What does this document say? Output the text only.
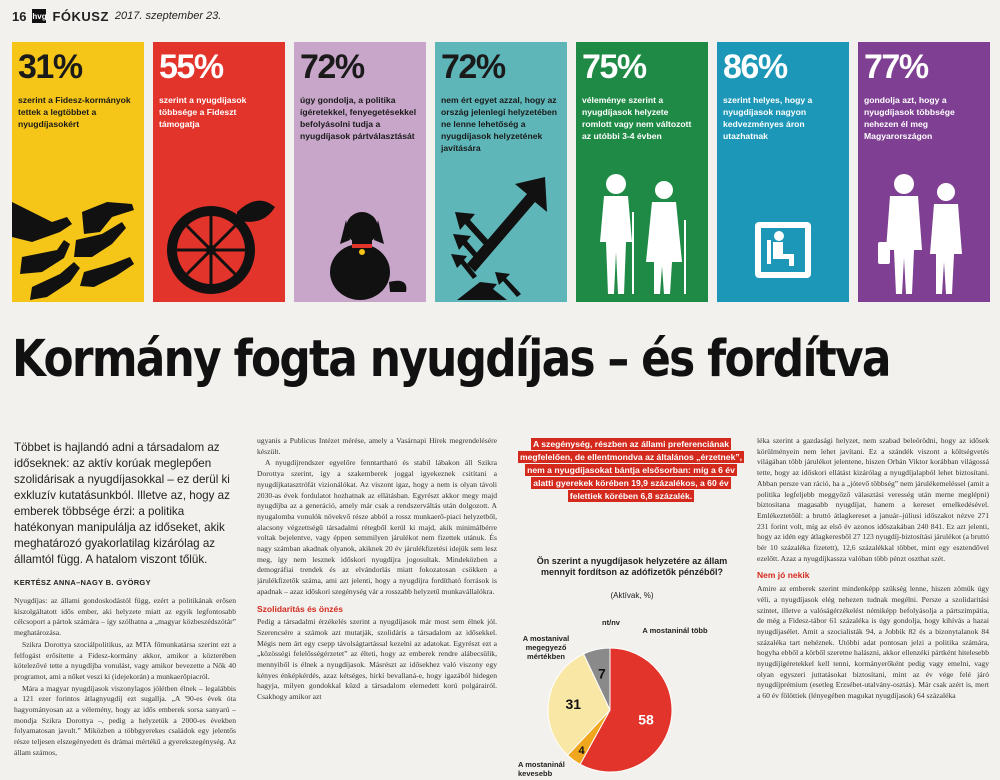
16 hvg FÓKUSZ 2017. szeptember 23.
31%
szerint a Fidesz-kormányok tettek a legtöbbet a nyugdíjasokért
55%
szerint a nyugdíjasok többsége a Fideszt támogatja
72%
úgy gondolja, a politika ígéretekkel, fenyegetésekkel befolyásolni tudja a nyugdíjasok pártválasztását
72%
nem ért egyet azzal, hogy az ország jelenlegi helyzetében ne lenne lehetőség a nyugdíjasok helyzetének javítására
75%
véleménye szerint a nyugdíjasok helyzete romlott vagy nem változott az utóbbi 3-4 évben
86%
szerint helyes, hogy a nyugdíjasok nagyon kedvezményes áron utazhatnak
77%
gondolja azt, hogy a nyugdíjasok többsége nehezen él meg Magyarországon
Kormány fogta nyugdíjas – és fordítva
Többet is hajlandó adni a társadalom az időseknek: az aktív korúak meglepően szolidárisak a nyugdíjasokkal – ez derül ki exkluzív kutatásunkból. Illetve az, hogy az emberek többsége érzi: a politika hatékonyan manipulálja az időseket, akik meghatározó gyakorlatilag kizárólag az államtól függ. A hatalom viszont tőlük.
KERTÉSZ ANNA–NAGY B. GYÖRGY

Nyugdíjas: az állami gondoskodástól függ, ezért a politikának erősen kiszolgáltatott idős ember, aki helyzete miatt az egyik legfontosabb célcsoport a pártok számára – így szólhatna a „magyar közbeszédszótár” meghatározása.

Szikra Dorottya szociálpolitikus, az MTA főmunkatársa szerint ezt a felfogást erősítette a Fidesz-kormány akkor, amikor a közterében kötelezővé tette a nyugdíjba vonulást, vagy amikor bevezette a Nők 40 programot, ami a nőket veszi ki (idejekorán) a munkaerőpiacról.

Mára a magyar nyugdíjasok viszonylagos jólétben élnek – legalábbis a 121 ezer forintos átlagnyugdíj ezt sugallja. „A '90-es évek óta hagyományosan az a vélemény, hogy az idős emberek sorsa sanyarú – mondja Szikra Dorottya –, pedig a helyzetük a 2000-es években folyamatosan javult.” Miközben a többgyerekes családok egy jelentős része teljesen elszegényedett és drámai mértékű a gyerekszegénység. Az állam számos,

ugyanis a Publicus Intézet mérése, amely a Vasárnapi Hírek megrendelésére készült.

A nyugdíjrendszer egyelőre fenntartható és stabil lábakon áll Szikra Dorottya szerint, így a szakemberek joggal igyekeznek csitítani a nyugdíjkatasztrófát vizionálókat. Az viszont igaz, hogy a nem is olyan távoli 2030-as évek fordulatot hozhatnak az ellátásban. Egyrészt akkor megy majd nyugdíjba az a generáció, amely már csak a rendszerváltás után dolgozott. A nyugalomba vonulók növekvő része abból a rossz munkaerő-piaci helyzetből, alacsony végzettségű társadalmi rétegből kerül ki majd, akik minimálbérre voltak bejelentve, vagy éppen semmilyen járulékot nem fizettek utánuk. És nagy számban akadnak olyanok, akiknek 20 év járulékfizetési idejük sem lesz meg, így nem lesznek időskori nyugdíjra jogosultak. Mindeközben a demográfiai trendek és az elvándorlás miatt fokozatosan csökken a járulékfizetők száma, ami azt jelenti, hogy a nyugdíjra fordítható források is apadnak – azaz időskori szegénység vár a rosszabb helyzetű munkavállalókra.

Szolidaritás és önzés

Pedig a társadalmi érzékelés szerint a nyugdíjasok már most sem élnek jól. Szerencsére a számok azt mutatják, szolidáris a társadalom az idősekkel. Mégis nem árt egy csepp távolságtartással kezelni az adatokat. Egyrészt ezt a „közösségi felelősségérzetet” az élteti, hogy az emberek rendre alábecsülik, mennyiből is élnek a nyugdíjasok. Másrészt az idősekhez való viszony egy kényes énképkérdés, azaz kétséges, hirkí bevallaná-e, hogy igazából hidegen hagyja, milyen gondokkal küzd a társadalom elemedett korú polgárairól. Csakhogy amikor azt

A szegénység, részben az állami preferenciának megfelelően, de ellentmondva az általános „érzetnek”, nem a nyugdíjasokat bántja elsősorban: míg a 6 év alatti gyerekek körében 19,9 százalékos, a 60 év felettiek körében 6,8 százalék.
Ön szerint a nyugdíjasok helyzetére az állam mennyit fordítson az adófizetők pénzéből?
(Aktívak, %)
58
4
31
7
A mostaninál több
A mostaninál kevesebb
A mostanival megegyező mértékben
nt/nv

léka szerint a gazdasági helyzet, nem szabad beleörödni, hogy az idősek körülményein nem lehet javítani. Ez a szándék viszont a költségvetés világában több járulékot jelentene, hiszen Orbán Viktor korábban világossá tette, hogy az időskori ellátást kizárólag a nyugdíjalapból lehet biztosítani. Abban persze van ráció, ha a „jótevő többség” nem járulékemeléssel (amit a politika legfeljebb meggyőző választási veresség után merne meglépni) biztosítana magasabb nyugdíjat, hanem a kereset emelkedésével. Emlékeztetőül: a bruttó átlagkereset a január–júliusi időszakot nézve 271 231 forint volt, míg az első év azonos időszakában 240 841. Ez azt jelenti, hogy az idén egy átlagkeresből 27 123 nyugdíj-biztosítási járulékot (a bruttó bér 10 százaléka fizetett), 12,6 százalékkal többet, mint egy esztendővel ezelőtt. Azaz a nyugdíjkassza valóban több pénzt oszthat szét.

Nem jó nekik

Amire az emberek szerint mindenképp szükség lenne, hiszen zömük úgy véli, a nyugdíjasok elég nehezen tudnak megélni. Persze a szolidaritási szintet, illetve a valóságérzékelést némiképp befolyásolja a pártszimpátia, de még a Fidesz-tábor 61 százaléka is úgy gondolja, hogy kihívás a hazai nyugdíjasélet. Amit a szocialisták 94, a Jobbik 82 és a bizonytalanok 84 százaléka tart nehéznek. Utóbbi adat pontosan jelzi a politika számára, hogyha ebből a körből szeretne halászni, akkor ellenzéki pártként hitelesebb nyugdíjígéretekkel kell tenni, kormányerőként pedig vagy emelni, vagy olyan egyszeri juttatásokat biztosítani, mint az év vége felé járó nyugdíjprémium (esetleg Erzsébet-utalvány-osztás). Már csak azért is, mert a 60 év fölöttiek (lényegében magukat nyugdíjasok) 64 százaléka
